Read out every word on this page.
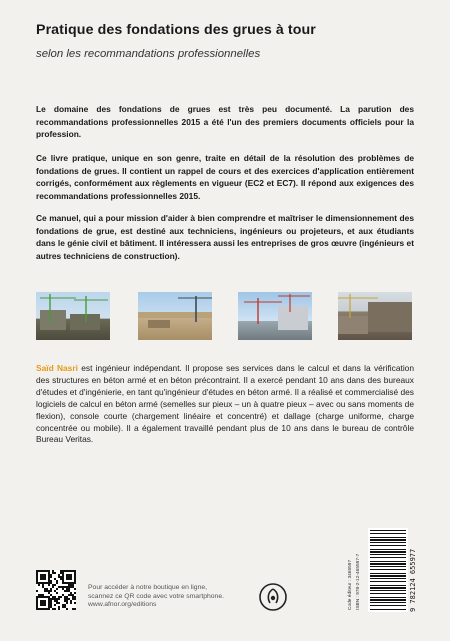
Pratique des fondations des grues à tour
selon les recommandations professionnelles

Le domaine des fondations de grues est très peu documenté. La parution des recommandations professionnelles 2015 a été l'un des premiers documents officiels pour la profession.

Ce livre pratique, unique en son genre, traite en détail de la résolution des problèmes de fondations de grues. Il contient un rappel de cours et des exercices d'application entièrement corrigés, conformément aux règlements en vigueur (EC2 et EC7). Il répond aux exigences des recommandations professionnelles 2015.

Ce manuel, qui a pour mission d'aider à bien comprendre et maîtriser le dimensionnement des fondations de grue, est destiné aux techniciens, ingénieurs ou projeteurs, et aux étudiants dans le génie civil et bâtiment. Il intéressera aussi les entreprises de gros œuvre (ingénieurs et autres techniciens de construction).

Saïd Nasri est ingénieur indépendant. Il propose ses services dans le calcul et dans la vérification des structures en béton armé et en béton précontraint. Il a exercé pendant 10 ans dans des bureaux d'études et d'ingénierie, en tant qu'ingénieur d'études en béton armé. Il a réalisé et commercialisé des logiciels de calcul en béton armé (semelles sur pieux – un à quatre pieux – avec ou sans moments de flexion), console courte (chargement linéaire et concentré) et dallage (charge uniforme, charge concentrée ou mobile). Il a également travaillé pendant plus de 10 ans dans le bureau de contrôle Bureau Veritas.

Code éditeur : 3465597 ISBN : 978-2-12-465597-7	9 782124 655977
Pour accéder à notre boutique en ligne,
scannez ce QR code avec votre smartphone.
www.afnor.org/editions
